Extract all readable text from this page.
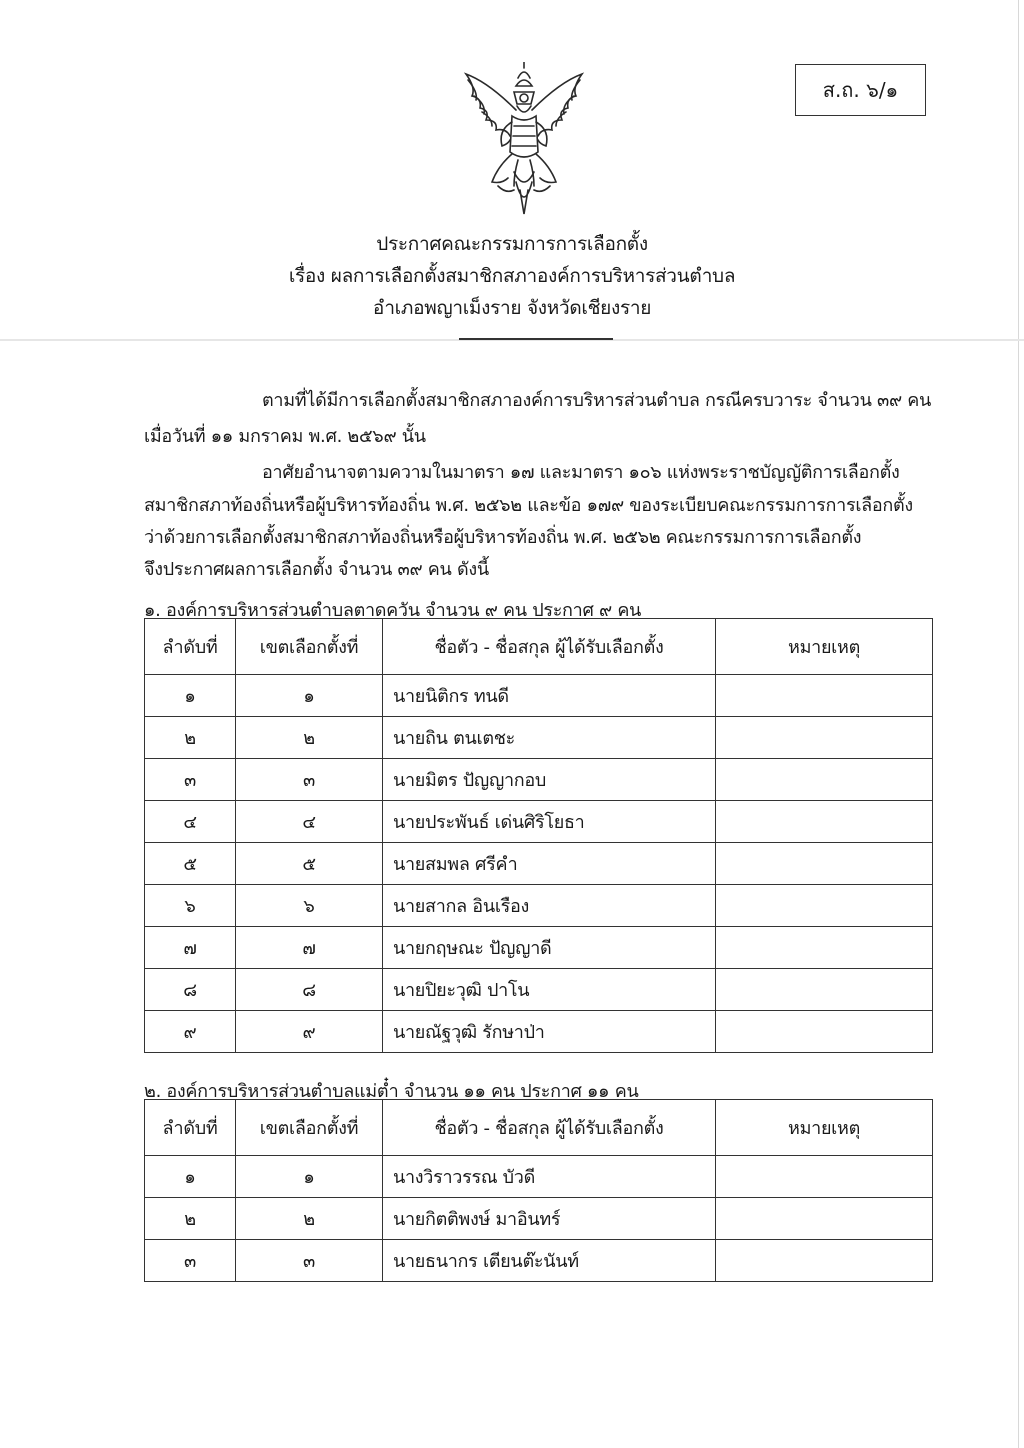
ส.ถ. ๖/๑
ประกาศคณะกรรมการการเลือกตั้ง
เรื่อง ผลการเลือกตั้งสมาชิกสภาองค์การบริหารส่วนตำบล
อำเภอพญาเม็งราย จังหวัดเชียงราย
ตามที่ได้มีการเลือกตั้งสมาชิกสภาองค์การบริหารส่วนตำบล กรณีครบวาระ จำนวน ๓๙ คน
เมื่อวันที่ ๑๑ มกราคม พ.ศ. ๒๕๖๙ นั้น
อาศัยอำนาจตามความในมาตรา ๑๗ และมาตรา ๑๐๖ แห่งพระราชบัญญัติการเลือกตั้ง
สมาชิกสภาท้องถิ่นหรือผู้บริหารท้องถิ่น พ.ศ. ๒๕๖๒ และข้อ ๑๗๙ ของระเบียบคณะกรรมการการเลือกตั้ง
ว่าด้วยการเลือกตั้งสมาชิกสภาท้องถิ่นหรือผู้บริหารท้องถิ่น พ.ศ. ๒๕๖๒ คณะกรรมการการเลือกตั้ง
จึงประกาศผลการเลือกตั้ง จำนวน ๓๙ คน ดังนี้
๑. องค์การบริหารส่วนตำบลตาดควัน จำนวน ๙ คน ประกาศ ๙ คน
ลำดับที่	เขตเลือกตั้งที่	ชื่อตัว - ชื่อสกุล ผู้ได้รับเลือกตั้ง	หมายเหตุ
๑	๑	นายนิติกร ทนดี	
๒	๒	นายถิน ตนเตชะ	
๓	๓	นายมิตร ปัญญากอบ	
๔	๔	นายประพันธ์ เด่นศิริโยธา	
๕	๕	นายสมพล ศรีคำ	
๖	๖	นายสากล อินเรือง	
๗	๗	นายกฤษณะ ปัญญาดี	
๘	๘	นายปิยะวุฒิ ปาโน	
๙	๙	นายณัฐวุฒิ รักษาป่า	
๒. องค์การบริหารส่วนตำบลแม่ต๋ำ จำนวน ๑๑ คน ประกาศ ๑๑ คน
ลำดับที่	เขตเลือกตั้งที่	ชื่อตัว - ชื่อสกุล ผู้ได้รับเลือกตั้ง	หมายเหตุ
๑	๑	นางวิราวรรณ บัวดี	
๒	๒	นายกิตติพงษ์ มาอินทร์	
๓	๓	นายธนากร เตียนต๊ะนันท์	
